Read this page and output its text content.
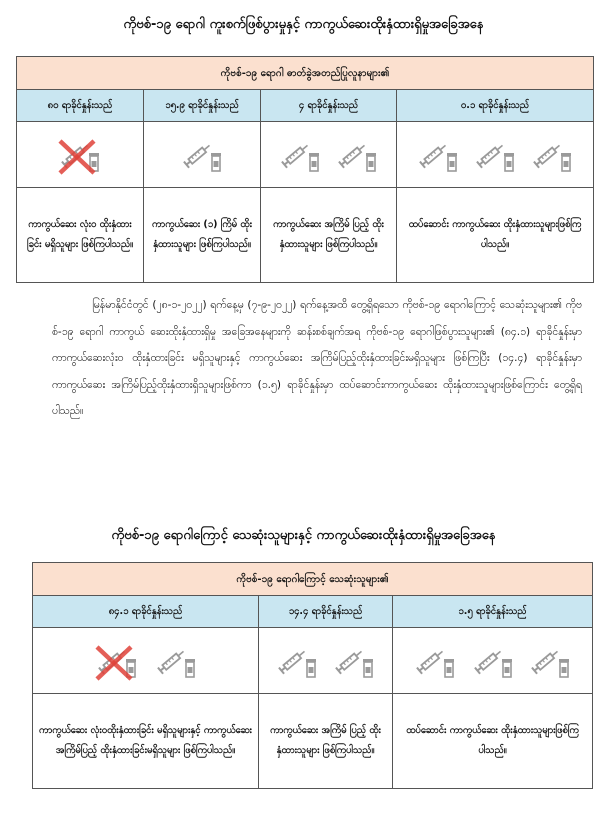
ကိုဗစ်-၁၉ ရောဂါ ကူးစက်ဖြစ်ပွားမှုနှင့် ကာကွယ်ဆေးထိုးနှံထားရှိမှုအခြေအနေ
ကိုဗစ်-၁၉ ရောဂါ ဓာတ်ခွဲအတည်ပြုလူနာများ၏			
၈၀ ရာခိုင်နှုန်းသည်	၁၅.၉ ရာခိုင်နှုန်းသည်	၄ ရာခိုင်နှုန်းသည်	၀.၁ ရာခိုင်နှုန်းသည်

ကာကွယ်ဆေး လုံးဝ ထိုးနှံထားခြင်း မရှိသူများ ဖြစ်ကြပါသည်။	ကာကွယ်ဆေး (၁) ကြိမ် ထိုးနှံထားသူများ ဖြစ်ကြပါသည်။	ကာကွယ်ဆေး အကြိမ် ပြည့် ထိုးနှံထားသူများ ဖြစ်ကြပါသည်။	ထပ်ဆောင်း ကာကွယ်ဆေး ထိုးနှံထားသူများဖြစ်ကြပါသည်။

မြန်မာနိုင်ငံတွင် (၂၈-၁-၂၀၂၂) ရက်နေ့မှ (၇-၉-၂၀၂၂) ရက်နေ့အထိ တွေ့ရှိရသော ကိုဗစ်-၁၉ ရောဂါကြောင့် သေဆုံးသူများ၏ ကိုဗစ်-၁၉ ရောဂါ ကာကွယ် ဆေးထိုးနှံထားရှိမှု အခြေအနေများကို ဆန်းစစ်ချက်အရ ကိုဗစ်-၁၉ ရောဂါဖြစ်ပွားသူများ၏ (၈၄.၁) ရာခိုင်နှုန်းမှာ ကာကွယ်ဆေးလုံးဝ ထိုးနှံထားခြင်း မရှိသူများနှင့် ကာကွယ်ဆေး အကြိမ်ပြည့်ထိုးနှံထားခြင်းမရှိသူများ ဖြစ်ကြပြီး (၁၄.၄) ရာခိုင်နှုန်းမှာ ကာကွယ်ဆေး အကြိမ်ပြည့်ထိုးနှံထားရှိသူများဖြစ်ကာ (၁.၅) ရာခိုင်နှုန်းမှာ ထပ်ဆောင်းကာကွယ်ဆေး ထိုးနှံထားသူများဖြစ်ကြောင်း တွေ့ရှိရပါသည်။

ကိုဗစ်-၁၉ ရောဂါကြောင့် သေဆုံးသူများနှင့် ကာကွယ်ဆေးထိုးနှံထားရှိမှုအခြေအနေ
ကိုဗစ်-၁၉ ရောဂါကြောင့် သေဆုံးသူများ၏		
၈၄.၁ ရာခိုင်နှုန်းသည်	၁၄.၄ ရာခိုင်နှုန်းသည်	၁.၅ ရာခိုင်နှုန်းသည်

ကာကွယ်ဆေး လုံးဝထိုးနှံထားခြင်း မရှိသူများနှင့် ကာကွယ်ဆေး အကြိမ်ပြည့် ထိုးနှံထားခြင်းမရှိသူများ ဖြစ်ကြပါသည်။	ကာကွယ်ဆေး အကြိမ် ပြည့် ထိုးနှံထားသူများ ဖြစ်ကြပါသည်။	ထပ်ဆောင်း ကာကွယ်ဆေး ထိုးနှံထားသူများဖြစ်ကြပါသည်။
